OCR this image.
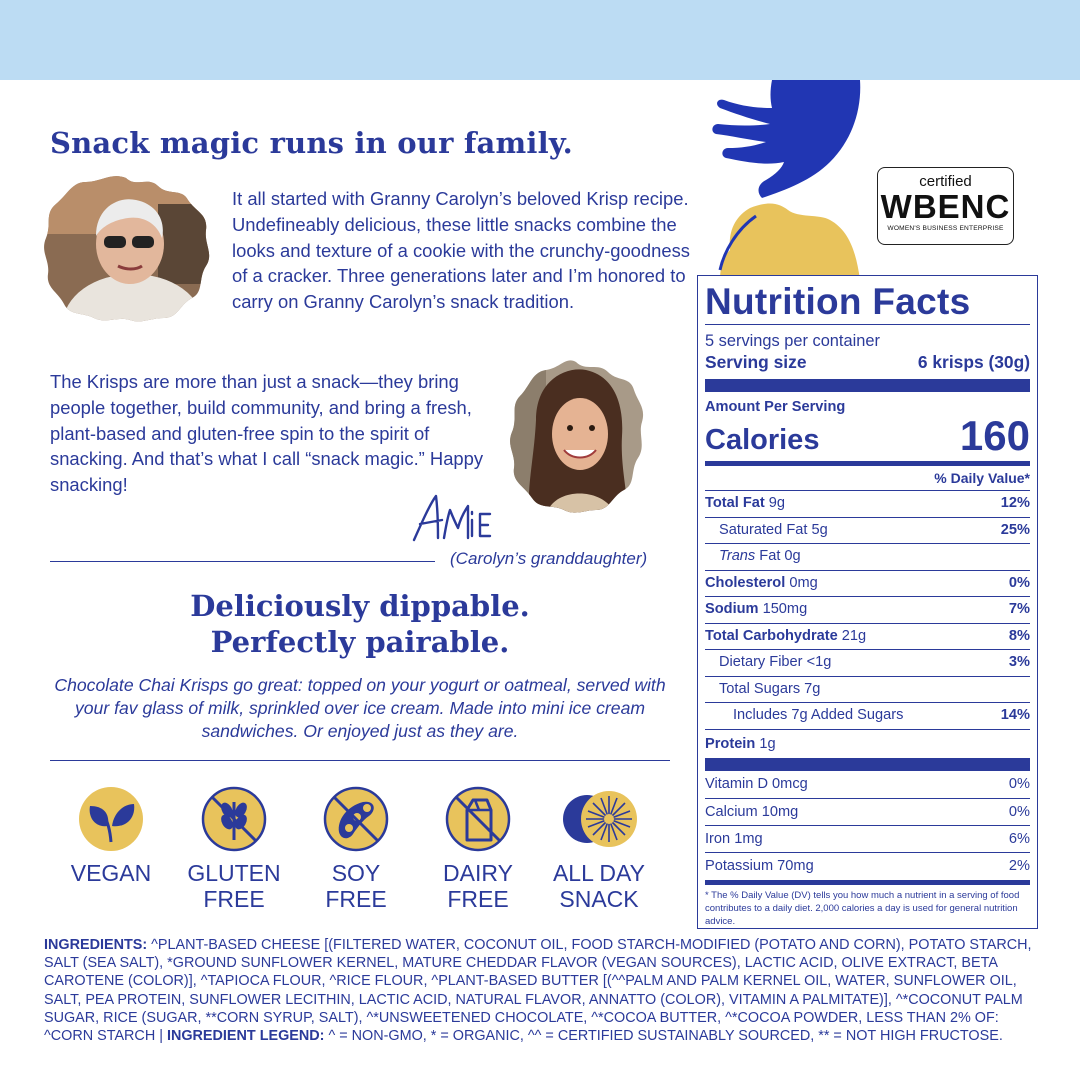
certified
WBENC
WOMEN'S BUSINESS ENTERPRISE
Snack magic runs in our family.

It all started with Granny Carolyn’s beloved Krisp recipe. Undefineably delicious, these little snacks combine the looks and texture of a cookie with the crunchy-goodness of a cracker. Three generations later and I’m honored to carry on Granny Carolyn’s snack tradition.

The Krisps are more than just a snack—they bring people together, build community, and bring a fresh, plant-based and gluten-free spin to the spirit of snacking. And that’s what I call “snack magic.” Happy snacking!

(Carolyn’s granddaughter)
Deliciously dippable.
Perfectly pairable.

Chocolate Chai Krisps go great: topped on your yogurt or oatmeal, served with your fav glass of milk, sprinkled over ice cream. Made into mini ice cream sandwiches. Or enjoyed just as they are.

VEGAN	GLUTEN
FREE
SOY
FREE
DAIRY
FREE
ALL DAY
SNACK
Nutrition Facts
5 servings per container
Serving size	6 krisps (30g)
Amount Per Serving
Calories	160
% Daily Value*
Total Fat 9g	12%
Saturated Fat 5g	25%
Trans Fat 0g
Cholesterol 0mg	0%
Sodium 150mg	7%
Total Carbohydrate 21g	8%
Dietary Fiber <1g	3%
Total Sugars 7g
Includes 7g Added Sugars	14%
Protein 1g
Vitamin D 0mcg	0%
Calcium 10mg	0%
Iron 1mg	6%
Potassium 70mg	2%
* The % Daily Value (DV) tells you how much a nutrient in a serving of food contributes to a daily diet. 2,000 calories a day is used for general nutrition advice.
INGREDIENTS: ^PLANT-BASED CHEESE [(FILTERED WATER, COCONUT OIL, FOOD STARCH-MODIFIED (POTATO AND CORN), POTATO STARCH, SALT (SEA SALT), *GROUND SUNFLOWER KERNEL, MATURE CHEDDAR FLAVOR (VEGAN SOURCES), LACTIC ACID, OLIVE EXTRACT, BETA CAROTENE (COLOR)], ^TAPIOCA FLOUR, ^RICE FLOUR, ^PLANT-BASED BUTTER [(^^PALM AND PALM KERNEL OIL, WATER, SUNFLOWER OIL, SALT, PEA PROTEIN, SUNFLOWER LECITHIN, LACTIC ACID, NATURAL FLAVOR, ANNATTO (COLOR), VITAMIN A PALMITATE)], ^*COCONUT PALM SUGAR, RICE (SUGAR, **CORN SYRUP, SALT), ^*UNSWEETENED CHOCOLATE, ^*COCOA BUTTER, ^*COCOA POWDER, LESS THAN 2% OF: ^CORN STARCH | INGREDIENT LEGEND: ^ = NON-GMO, * = ORGANIC, ^^ = CERTIFIED SUSTAINABLY SOURCED, ** = NOT HIGH FRUCTOSE.
